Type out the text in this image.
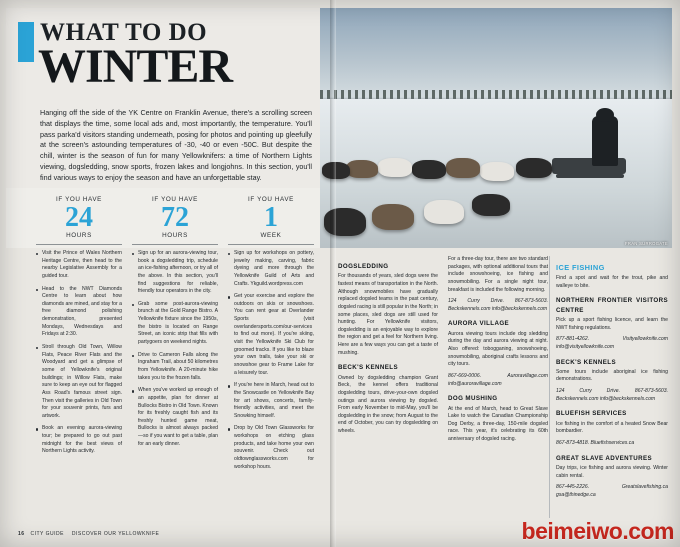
FRAN SURROGATE
WHAT TO DO
WINTER
Hanging off the side of the YK Centre on Franklin Avenue, there's a scrolling screen that displays the time, some local ads and, most importantly, the temperature. You'll pass parka'd visitors standing underneath, posing for photos and pointing up gleefully at the screen's astounding temperatures of -30, -40 or even -50C. But despite the chill, winter is the season of fun for many Yellowknifers: a time of Northern Lights viewing, dogsledding, snow sports, frozen lakes and longjohns. In this section, you'll find various ways to enjoy the season and have an unforgettable stay.
IF YOU HAVE
24
HOURS
Visit the Prince of Wales Northern Heritage Centre, then head to the nearby Legislative Assembly for a guided tour.
Head to the NWT Diamonds Centre to learn about how diamonds are mined, and stay for a free diamond polishing demonstration, presented Mondays, Wednesdays and Fridays at 2:30.
Stroll through Old Town, Willow Flats, Peace River Flats and the Woodyard and get a glimpse of some of Yellowknife's original buildings; in Willow Flats, make sure to keep an eye out for flagged Ass Road's famous street sign. Then visit the galleries in Old Town for your souvenir prints, furs and artwork.
Book an evening aurora-viewing tour; be prepared to go out past midnight for the best views of Northern Lights activity.
IF YOU HAVE
72
HOURS
Sign up for an aurora-viewing tour, book a dogsledding trip, schedule an ice-fishing afternoon, or try all of the above. In this section, you'll find suggestions for reliable, friendly tour operators in the city.
Grab some post-aurora-viewing brunch at the Gold Range Bistro. A Yellowknife fixture since the 1950s, the bistro is located on Range Street, an iconic strip that fills with partygoers on weekend nights.
Drive to Cameron Falls along the Ingraham Trail, about 50 kilometres from Yellowknife. A 20-minute hike takes you to the frozen falls.
When you've worked up enough of an appetite, plan for dinner at Bullocks Bistro in Old Town. Known for its freshly caught fish and its freshly hunted game meat, Bullocks is almost always packed—so if you want to get a table, plan for an early dinner.
IF YOU HAVE
1
WEEK
Sign up for workshops on pottery, jewelry making, carving, fabric dyeing and more through the Yellowknife Guild of Arts and Crafts. Ykguild.wordpress.com
Get your exercise and explore the outdoors on skis or snowshoes. You can rent gear at Overlander Sports (visit overlandersports.com/our-services to find out more). If you're skiing, visit the Yellowknife Ski Club for groomed tracks. If you like to blaze your own trails, take your ski or snowshoe gear to Frame Lake for a leisurely tour.
If you're here in March, head out to the Snowcastle on Yellowknife Bay for art shows, concerts, family-friendly activities, and meet the Snowking himself.
Drop by Old Town Glassworks for workshops on etching glass products, and take home your own souvenir. Check out oldtownglassworks.com for workshop hours.
DOGSLEDDING

For thousands of years, sled dogs were the fastest means of transportation in the North. Although snowmobiles have gradually replaced dogsled teams in the past century, dogsled racing is still popular in the North; in some places, sled dogs are still used for hunting. For Yellowknife visitors, dogsledding is an enjoyable way to explore the region and get a feel for Northern living. Here are a few ways you can get a taste of mushing.

BECK'S KENNELS

Owned by dogsledding champion Grant Beck, the kennel offers traditional dogsledding tours, drive-your-own dogsled outings and aurora viewing by dogsled. From early November to mid-May, you'll be dogsledding in the snow; from August to the end of October, you can try dogsledding on wheels.

For a three-day tour, there are two standard packages, with optional additional tours that include snowshoeing, ice fishing and snowmobiling. For a single night tour, breakfast is included the following morning.

124 Curry Drive. 867-873-5603. Beckskennels.com info@beckskennels.com

AURORA VILLAGE

Aurora viewing tours include dog sledding during the day and aurora viewing at night. Also offered: tobogganing, snowshoeing, snowmobiling, aboriginal crafts lessons and city tours.

867-669-0006. Auroravillage.com info@auroravillage.com

DOG MUSHING

At the end of March, head to Great Slave Lake to watch the Canadian Championship Dog Derby, a three-day, 150-mile dogsled race. This year, it's celebrating its 60th anniversary of dogsled racing.

ICE FISHING

Find a spot and wait for the trout, pike and walleye to bite.

NORTHERN FRONTIER VISITORS CENTRE

Pick up a sport fishing licence, and learn the NWT fishing regulations.

877-881-4262. Visityellowknife.com info@visityellowknife.com

BECK'S KENNELS

Some tours include aboriginal ice fishing demonstrations.

124 Curry Drive. 867-873-5603. Beckskennels.com info@beckskennels.com

BLUEFISH SERVICES

Ice fishing in the comfort of a heated Snow Bear bombardier.

867-873-4818. Bluefishservices.ca

GREAT SLAVE ADVENTURES

Day trips, ice fishing and aurora viewing. Winter cabin rental.

867-445-2226. Greatslavefishing.ca gsa@thinedge.ca

16 CITY GUIDE DISCOVER OUR YELLOWKNIFE	beimeiwo.com
